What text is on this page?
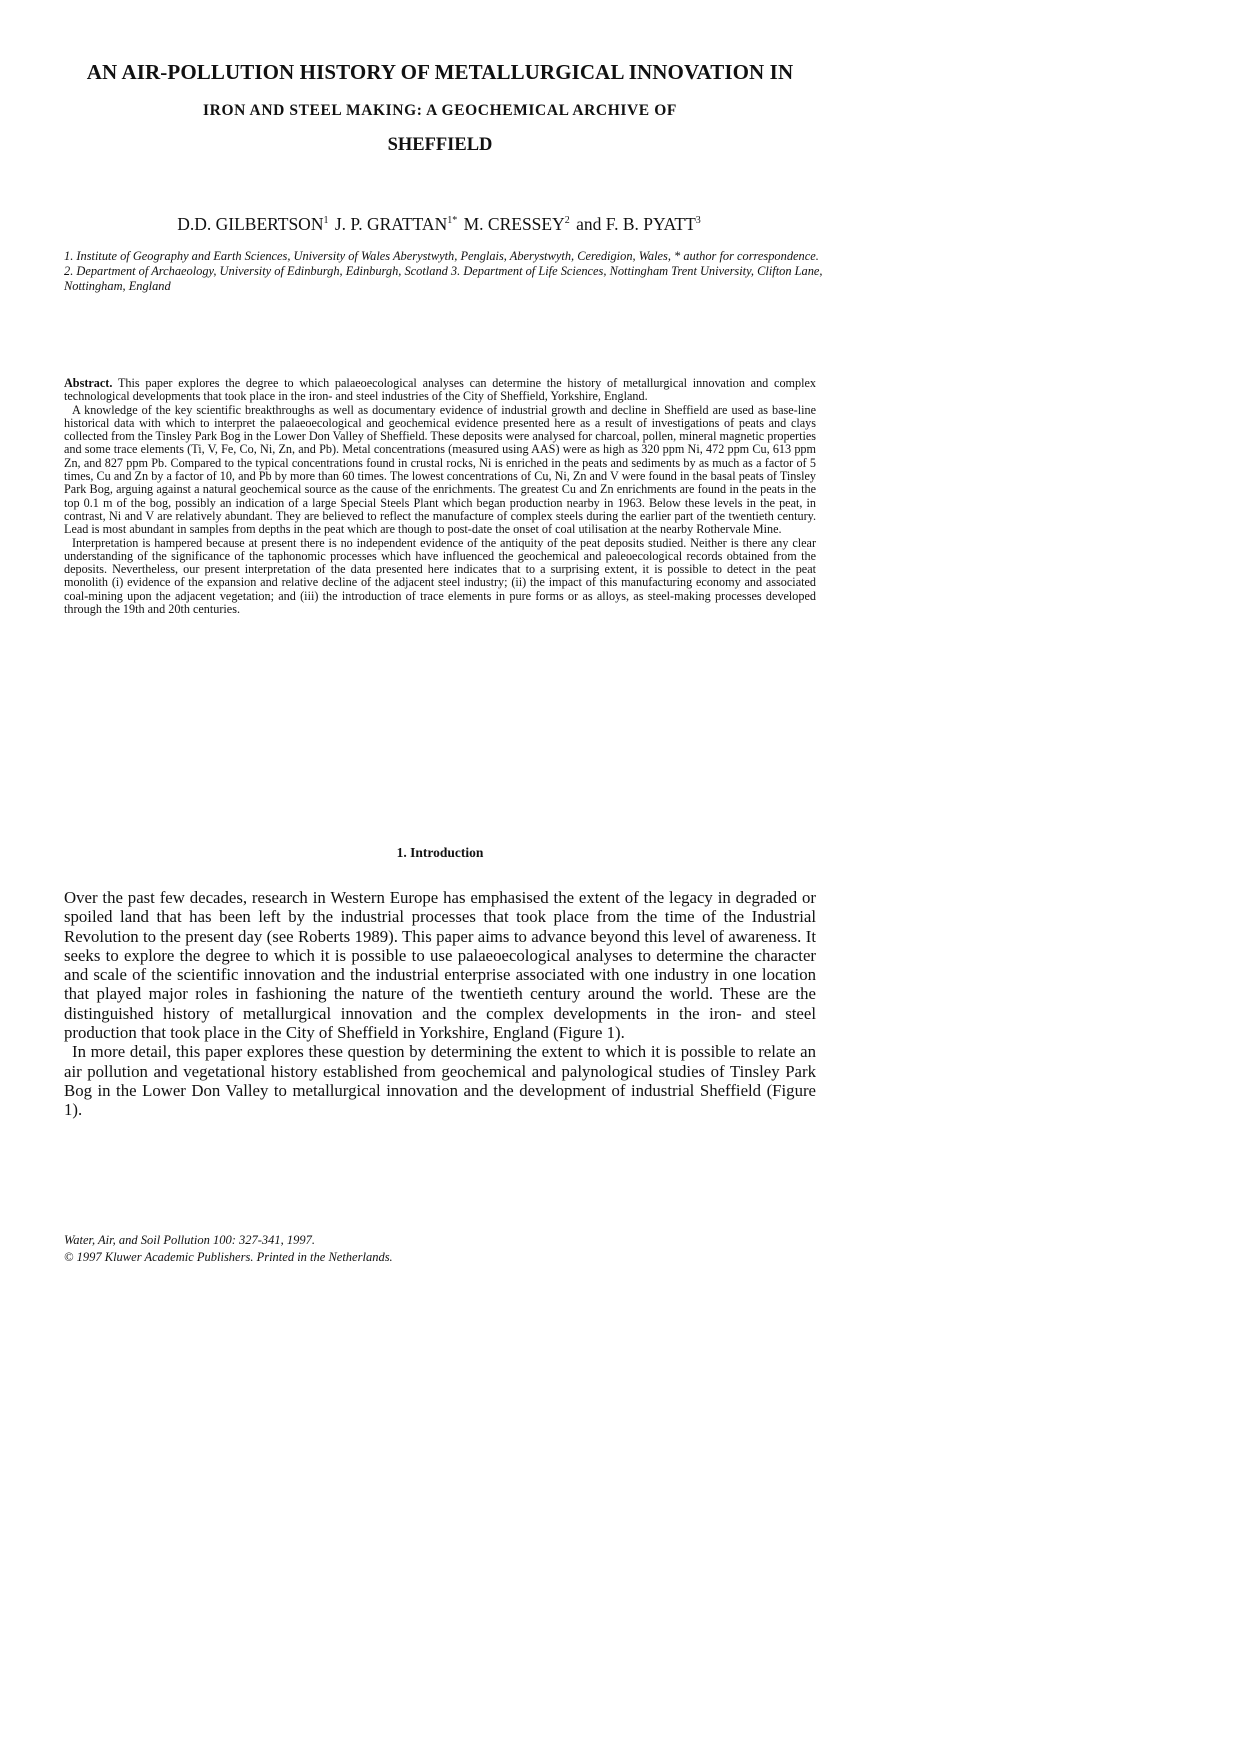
AN AIR-POLLUTION HISTORY OF METALLURGICAL INNOVATION IN
IRON AND STEEL MAKING: A GEOCHEMICAL ARCHIVE OF
SHEFFIELD

D.D. GILBERTSON$^1$ J. P. $GRATTAN^{1*}$ M. CRESSEY$^2$ and F. B. PYATT$^3$

1. Institute of Geography and Earth Sciences, University of Wales Aberystwyth, Penglais, Aberystwyth, Ceredigion, Wales, * author for correspondence. 2. Department of Archaeology, University of Edinburgh, Edinburgh, Scotland 3. Department of Life Sciences, Nottingham Trent University, Clifton Lane, Nottingham, England

Abstract. This paper explores the degree to which palaeoecological analyses can determine the history of metallurgical innovation and complex technological developments that took place in the iron- and steel industries of the City of Sheffield, Yorkshire, England.

A knowledge of the key scientific breakthroughs as well as documentary evidence of industrial growth and decline in Sheffield are used as base-line historical data with which to interpret the palaeoecological and geochemical evidence presented here as a result of investigations of peats and clays collected from the Tinsley Park Bog in the Lower Don Valley of Sheffield. These deposits were analysed for charcoal, pollen, mineral magnetic properties and some trace elements (Ti, V, Fe, Co, Ni, Zn, and Pb). Metal concentrations (measured using AAS) were as high as 320 ppm Ni, 472 ppm Cu, 613 ppm Zn, and 827 ppm Pb. Compared to the typical concentrations found in crustal rocks, Ni is enriched in the peats and sediments by as much as a factor of 5 times, Cu and Zn by a factor of 10, and Pb by more than 60 times. The lowest concentrations of Cu, Ni, Zn and V were found in the basal peats of Tinsley Park Bog, arguing against a natural geochemical source as the cause of the enrichments. The greatest Cu and Zn enrichments are found in the peats in the top 0.1 m of the bog, possibly an indication of a large Special Steels Plant which began production nearby in 1963. Below these levels in the peat, in contrast, Ni and V are relatively abundant. They are believed to reflect the manufacture of complex steels during the earlier part of the twentieth century. Lead is most abundant in samples from depths in the peat which are though to post-date the onset of coal utilisation at the nearby Rothervale Mine.

Interpretation is hampered because at present there is no independent evidence of the antiquity of the peat deposits studied. Neither is there any clear understanding of the significance of the taphonomic processes which have influenced the geochemical and paleoecological records obtained from the deposits. Nevertheless, our present interpretation of the data presented here indicates that to a surprising extent, it is possible to detect in the peat monolith (i) evidence of the expansion and relative decline of the adjacent steel industry; (ii) the impact of this manufacturing economy and associated coal-mining upon the adjacent vegetation; and (iii) the introduction of trace elements in pure forms or as alloys, as steel-making processes developed through the 19th and 20th centuries.

1. Introduction

Over the past few decades, research in Western Europe has emphasised the extent of the legacy in degraded or spoiled land that has been left by the industrial processes that took place from the time of the Industrial Revolution to the present day (see Roberts 1989). This paper aims to advance beyond this level of awareness. It seeks to explore the degree to which it is possible to use palaeoecological analyses to determine the character and scale of the scientific innovation and the industrial enterprise associated with one industry in one location that played major roles in fashioning the nature of the twentieth century around the world. These are the distinguished history of metallurgical innovation and the complex developments in the iron- and steel production that took place in the City of Sheffield in Yorkshire, England (Figure 1).

In more detail, this paper explores these question by determining the extent to which it is possible to relate an air pollution and vegetational history established from geochemical and palynological studies of Tinsley Park Bog in the Lower Don Valley to metallurgical innovation and the development of industrial Sheffield (Figure 1).

Water, Air, and Soil Pollution 100: 327-341, 1997.
© 1997 Kluwer Academic Publishers. Printed in the Netherlands.
